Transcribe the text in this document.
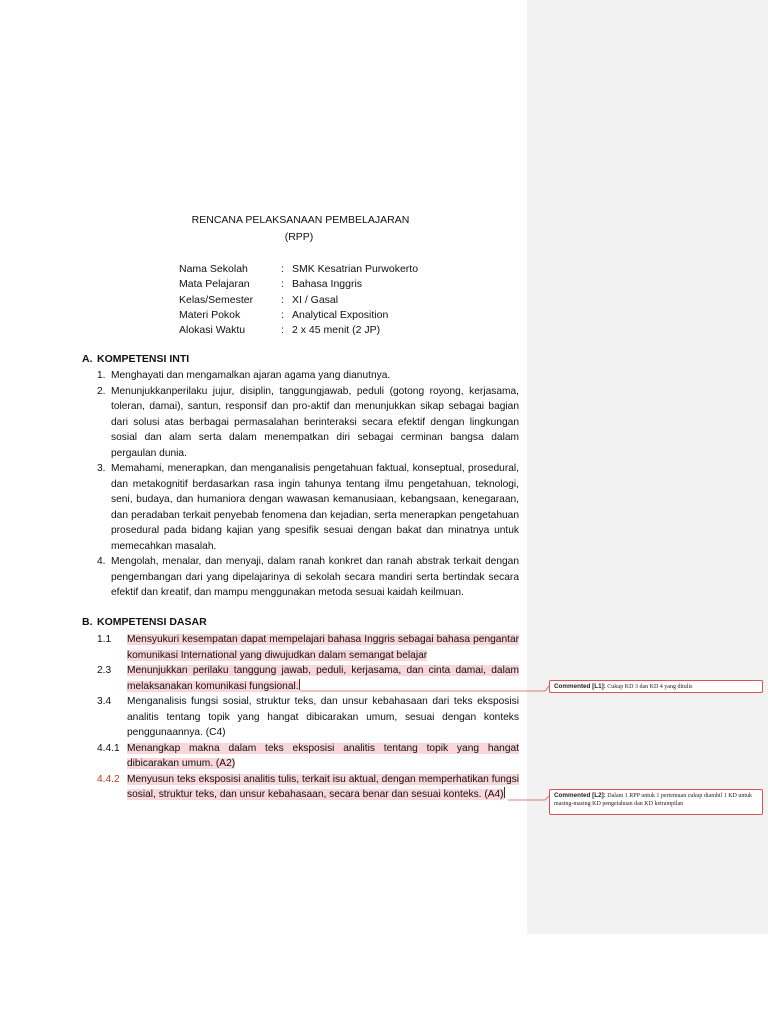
RENCANA PELAKSANAAN PEMBELAJARAN
(RPP)
Nama Sekolah	: SMK Kesatrian Purwokerto
Mata Pelajaran	: Bahasa Inggris
Kelas/Semester	: XI / Gasal
Materi Pokok	: Analytical Exposition
Alokasi Waktu	: 2 x 45 menit (2 JP)
A. KOMPETENSI INTI
1. Menghayati dan mengamalkan ajaran agama yang dianutnya.
2. Menunjukkanperilaku jujur, disiplin, tanggungjawab, peduli (gotong royong, kerjasama, toleran, damai), santun, responsif dan pro-aktif dan menunjukkan sikap sebagai bagian dari solusi atas berbagai permasalahan berinteraksi secara efektif dengan lingkungan sosial dan alam serta dalam menempatkan diri sebagai cerminan bangsa dalam pergaulan dunia.
3. Memahami, menerapkan, dan menganalisis pengetahuan faktual, konseptual, prosedural, dan metakognitif berdasarkan rasa ingin tahunya tentang ilmu pengetahuan, teknologi, seni, budaya, dan humaniora dengan wawasan kemanusiaan, kebangsaan, kenegaraan, dan peradaban terkait penyebab fenomena dan kejadian, serta menerapkan pengetahuan prosedural pada bidang kajian yang spesifik sesuai dengan bakat dan minatnya untuk memecahkan masalah.
4. Mengolah, menalar, dan menyaji, dalam ranah konkret dan ranah abstrak terkait dengan pengembangan dari yang dipelajarinya di sekolah secara mandiri serta bertindak secara efektif dan kreatif, dan mampu menggunakan metoda sesuai kaidah keilmuan.
B. KOMPETENSI DASAR
1.1 Mensyukuri kesempatan dapat mempelajari bahasa Inggris sebagai bahasa pengantar komunikasi International yang diwujudkan dalam semangat belajar
2.3 Menunjukkan perilaku tanggung jawab, peduli, kerjasama, dan cinta damai, dalam melaksanakan komunikasi fungsional.
3.4 Menganalisis fungsi sosial, struktur teks, dan unsur kebahasaan dari teks eksposisi analitis tentang topik yang hangat dibicarakan umum, sesuai dengan konteks penggunaannya. (C4)
4.4.1 Menangkap makna dalam teks eksposisi analitis tentang topik yang hangat dibicarakan umum. (A2)
4.4.2 Menyusun teks eksposisi analitis tulis, terkait isu aktual, dengan memperhatikan fungsi sosial, struktur teks, dan unsur kebahasaan, secara benar dan sesuai konteks. (A4)
Commented [L1]: Cukup KD 3 dan KD 4 yang ditulis
Commented [L2]: Dalam 1 RPP untuk 1 pertemuan cukup diambil 1 KD untuk masing-masing KD pengetahuan dan KD ketrampilan
